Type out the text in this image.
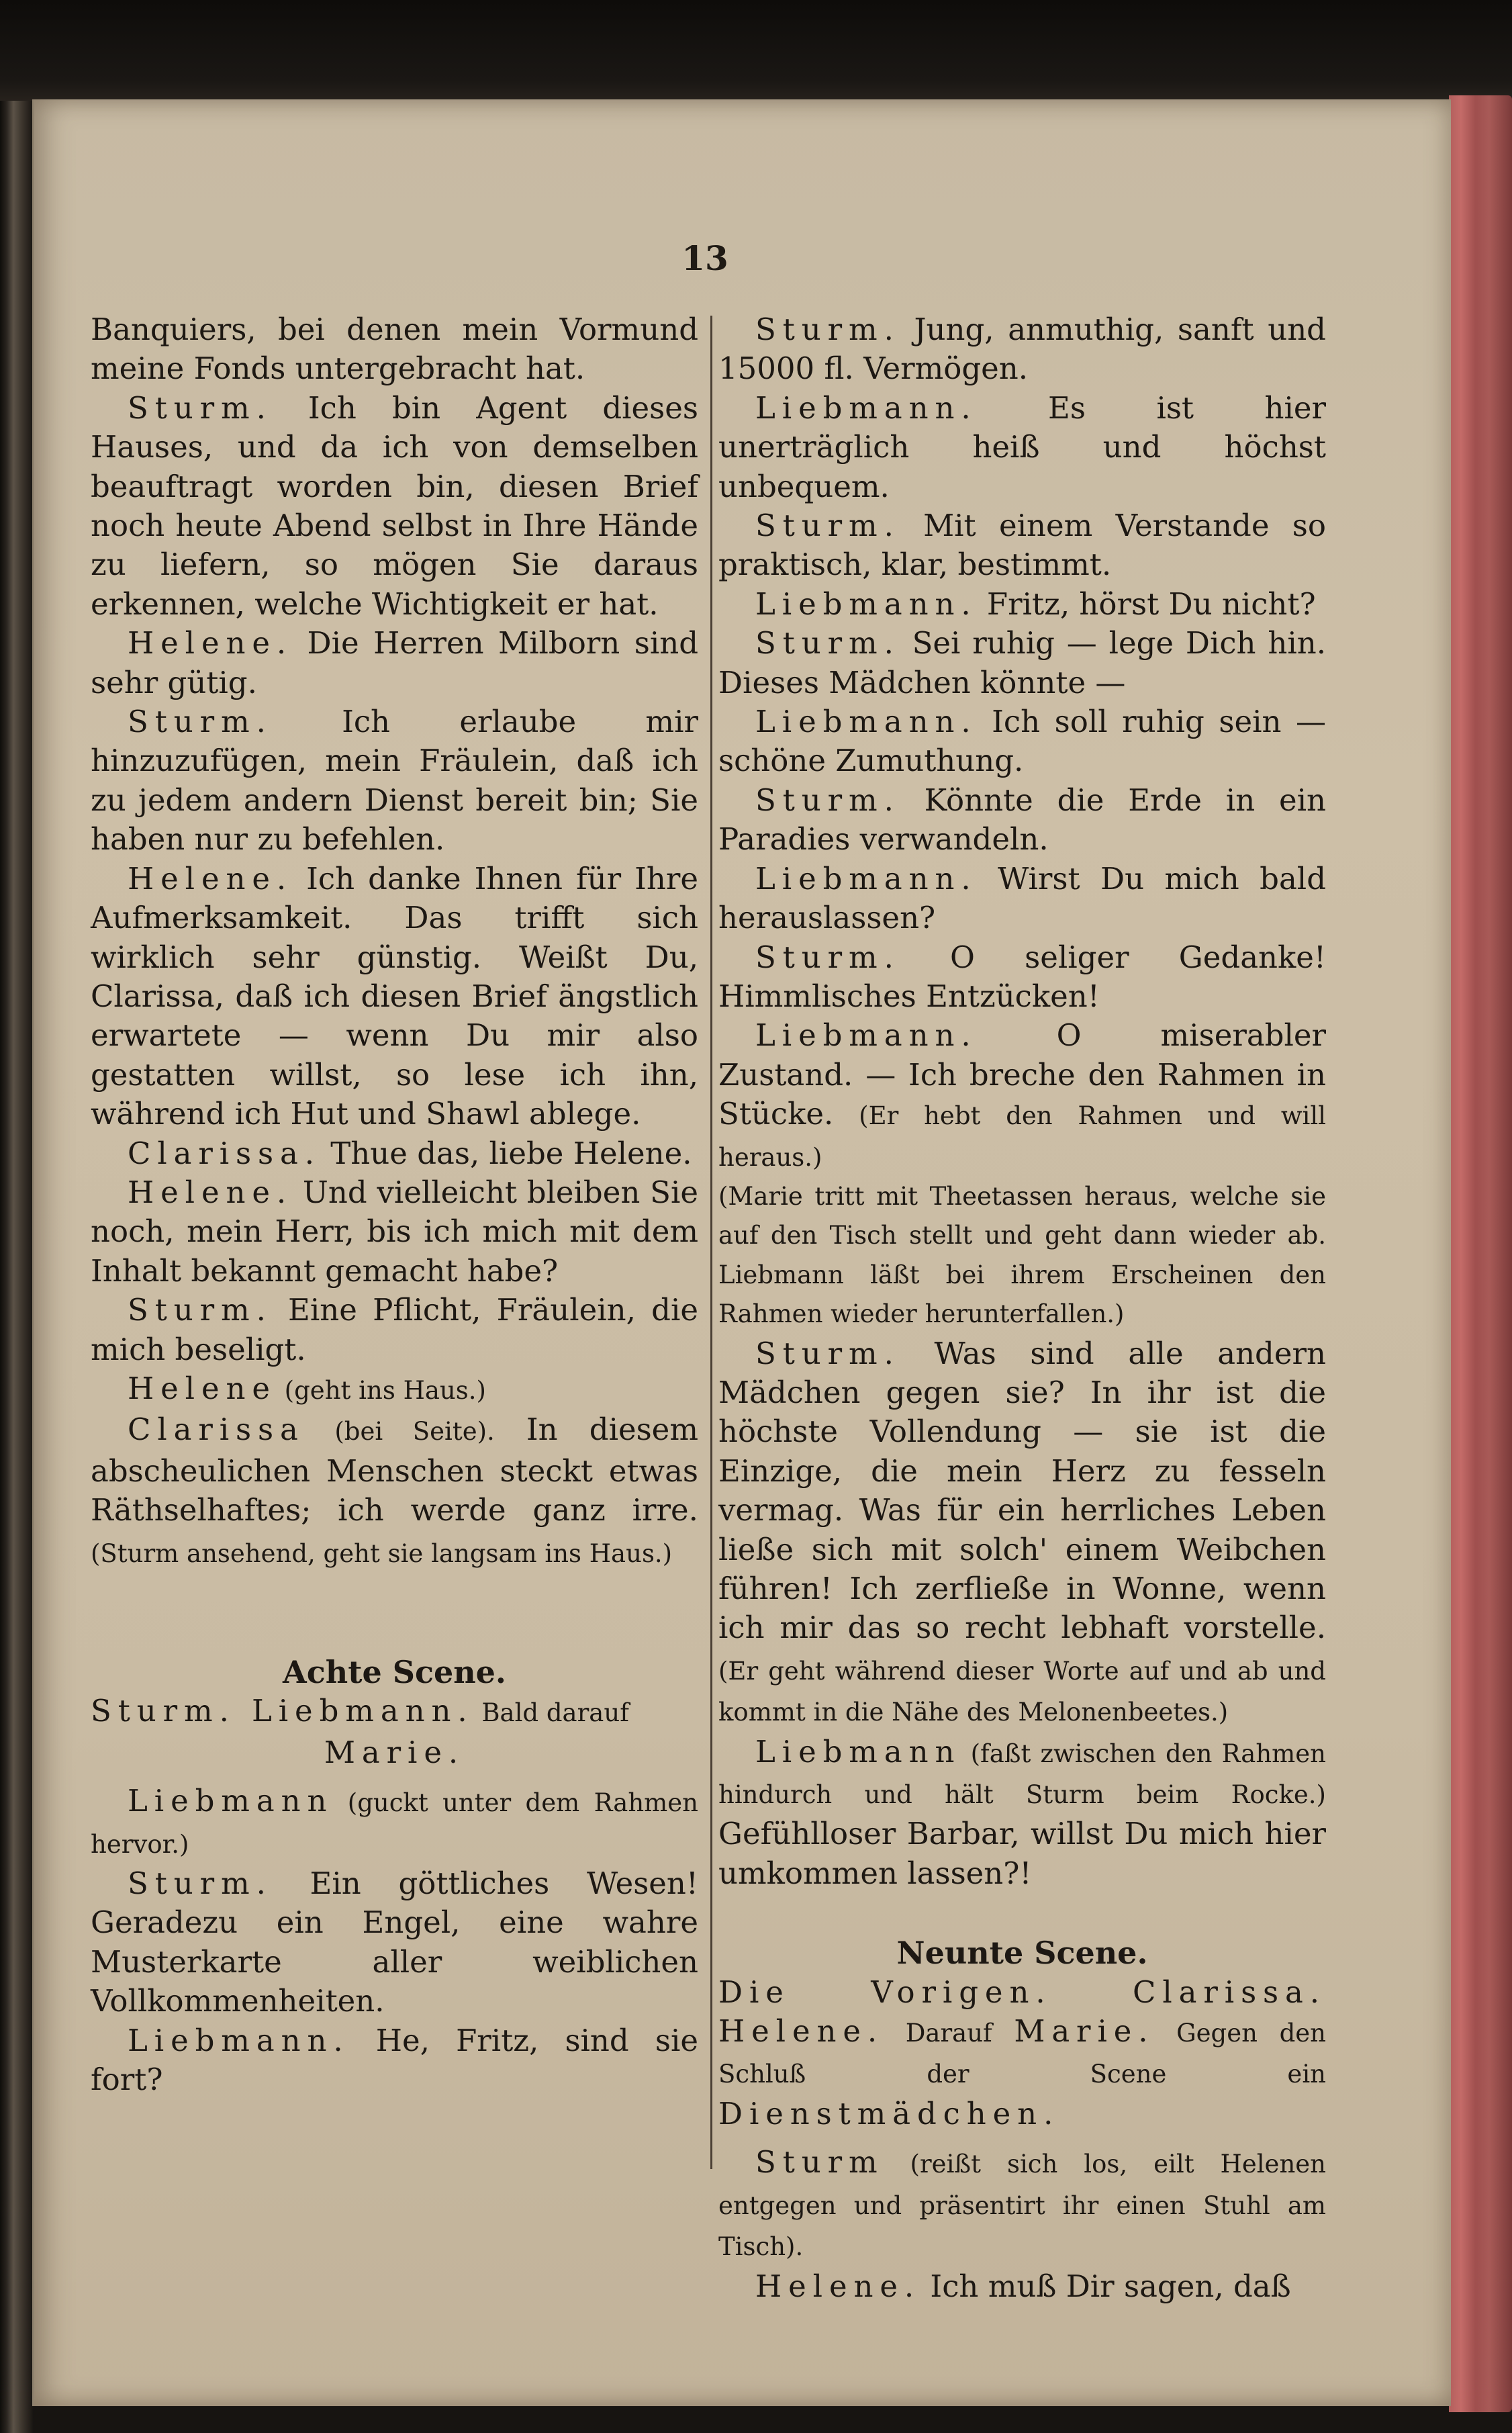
13

Banquiers, bei denen mein Vormund meine Fonds untergebracht hat.

Sturm. Ich bin Agent dieses Hauses, und da ich von demselben beauftragt worden bin, diesen Brief noch heute Abend selbst in Ihre Hände zu liefern, so mögen Sie daraus erkennen, welche Wichtigkeit er hat.

Helene. Die Herren Milborn sind sehr gütig.

Sturm. Ich erlaube mir hinzuzufügen, mein Fräulein, daß ich zu jedem andern Dienst bereit bin; Sie haben nur zu befehlen.

Helene. Ich danke Ihnen für Ihre Aufmerksamkeit. Das trifft sich wirklich sehr günstig. Weißt Du, Clarissa, daß ich diesen Brief ängstlich erwartete — wenn Du mir also gestatten willst, so lese ich ihn, während ich Hut und Shawl ablege.

Clarissa. Thue das, liebe Helene.

Helene. Und vielleicht bleiben Sie noch, mein Herr, bis ich mich mit dem Inhalt bekannt gemacht habe?

Sturm. Eine Pflicht, Fräulein, die mich beseligt.

Helene (geht ins Haus.)

Clarissa (bei Seite). In diesem abscheulichen Menschen steckt etwas Räthselhaftes; ich werde ganz irre. (Sturm ansehend, geht sie langsam ins Haus.)

Achte Scene.

Sturm. Liebmann. Bald darauf

Marie.

Liebmann (guckt unter dem Rahmen hervor.)

Sturm. Ein göttliches Wesen! Geradezu ein Engel, eine wahre Musterkarte aller weiblichen Vollkommenheiten.

Liebmann. He, Fritz, sind sie fort?

Sturm. Jung, anmuthig, sanft und 15000 fl. Vermögen.

Liebmann. Es ist hier unerträglich heiß und höchst unbequem.

Sturm. Mit einem Verstande so praktisch, klar, bestimmt.

Liebmann. Fritz, hörst Du nicht?

Sturm. Sei ruhig — lege Dich hin. Dieses Mädchen könnte —

Liebmann. Ich soll ruhig sein — schöne Zumuthung.

Sturm. Könnte die Erde in ein Paradies verwandeln.

Liebmann. Wirst Du mich bald herauslassen?

Sturm. O seliger Gedanke! Himmlisches Entzücken!

Liebmann. O miserabler Zustand. — Ich breche den Rahmen in Stücke. (Er hebt den Rahmen und will heraus.)

(Marie tritt mit Theetassen heraus, welche sie auf den Tisch stellt und geht dann wieder ab. Liebmann läßt bei ihrem Erscheinen den Rahmen wieder herunterfallen.)

Sturm. Was sind alle andern Mädchen gegen sie? In ihr ist die höchste Vollendung — sie ist die Einzige, die mein Herz zu fesseln vermag. Was für ein herrliches Leben ließe sich mit solch' einem Weibchen führen! Ich zerfließe in Wonne, wenn ich mir das so recht lebhaft vorstelle. (Er geht während dieser Worte auf und ab und kommt in die Nähe des Melonenbeetes.)

Liebmann (faßt zwischen den Rahmen hindurch und hält Sturm beim Rocke.) Gefühlloser Barbar, willst Du mich hier umkommen lassen?!

Neunte Scene.

Die Vorigen. Clarissa. Helene. Darauf Marie. Gegen den Schluß der Scene ein Dienstmädchen.

Sturm (reißt sich los, eilt Helenen entgegen und präsentirt ihr einen Stuhl am Tisch).

Helene. Ich muß Dir sagen, daß
